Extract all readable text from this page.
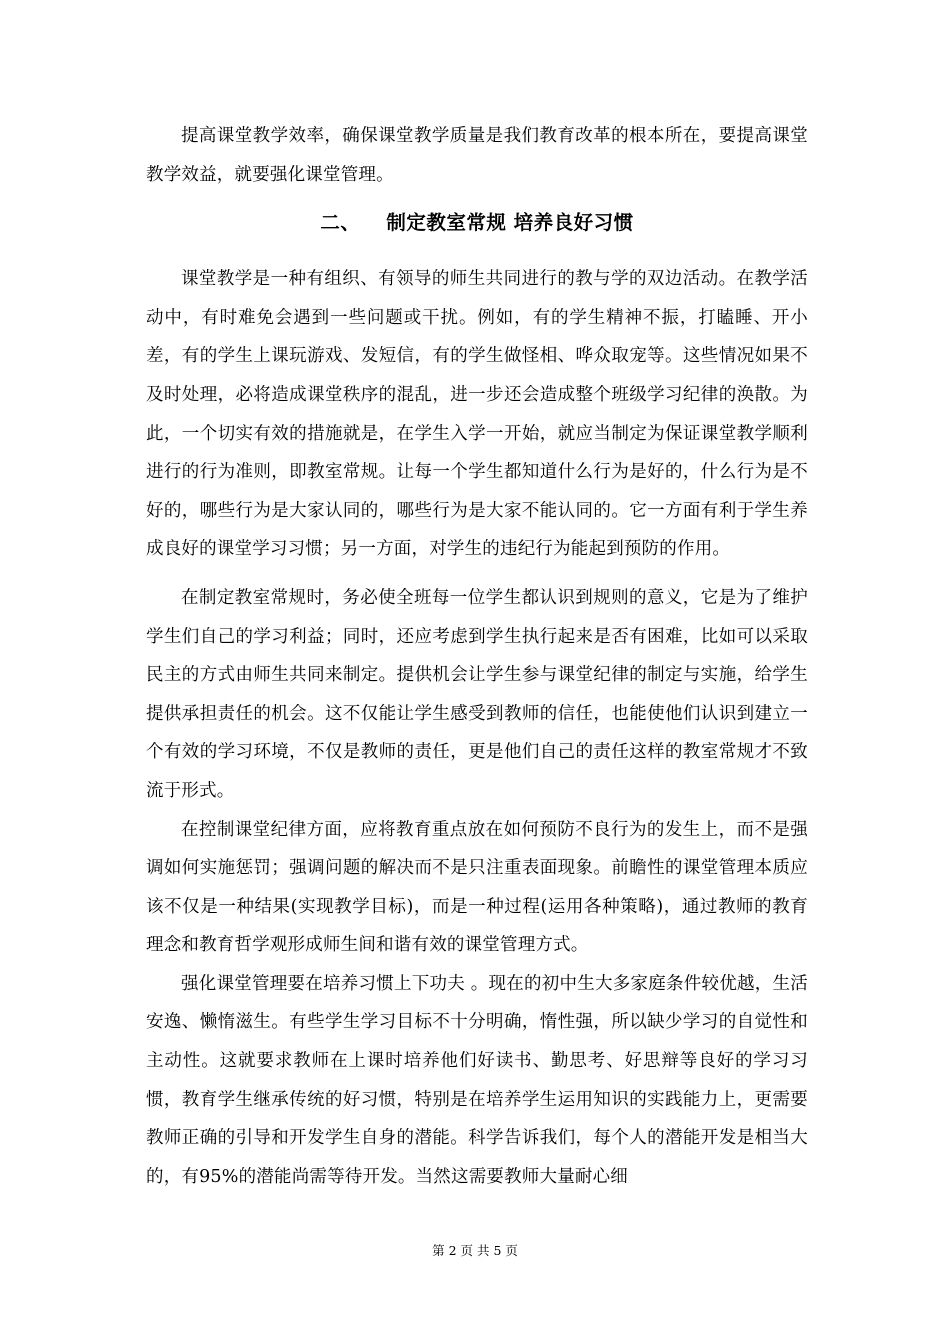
提高课堂教学效率，确保课堂教学质量是我们教育改革的根本所在，要提高课堂教学效益，就要强化课堂管理。

二、 制定教室常规 培养良好习惯

课堂教学是一种有组织、有领导的师生共同进行的教与学的双边活动。在教学活动中，有时难免会遇到一些问题或干扰。例如，有的学生精神不振，打瞌睡、开小差，有的学生上课玩游戏、发短信，有的学生做怪相、哗众取宠等。这些情况如果不及时处理，必将造成课堂秩序的混乱，进一步还会造成整个班级学习纪律的涣散。为此，一个切实有效的措施就是，在学生入学一开始，就应当制定为保证课堂教学顺利进行的行为准则，即教室常规。让每一个学生都知道什么行为是好的，什么行为是不好的，哪些行为是大家认同的，哪些行为是大家不能认同的。它一方面有利于学生养成良好的课堂学习习惯；另一方面，对学生的违纪行为能起到预防的作用。

在制定教室常规时，务必使全班每一位学生都认识到规则的意义，它是为了维护学生们自己的学习利益；同时，还应考虑到学生执行起来是否有困难，比如可以采取民主的方式由师生共同来制定。提供机会让学生参与课堂纪律的制定与实施，给学生提供承担责任的机会。这不仅能让学生感受到教师的信任，也能使他们认识到建立一个有效的学习环境，不仅是教师的责任，更是他们自己的责任这样的教室常规才不致流于形式。

在控制课堂纪律方面，应将教育重点放在如何预防不良行为的发生上，而不是强调如何实施惩罚；强调问题的解决而不是只注重表面现象。前瞻性的课堂管理本质应该不仅是一种结果(实现教学目标)，而是一种过程(运用各种策略)，通过教师的教育理念和教育哲学观形成师生间和谐有效的课堂管理方式。

强化课堂管理要在培养习惯上下功夫 。现在的初中生大多家庭条件较优越，生活安逸、懒惰滋生。有些学生学习目标不十分明确，惰性强，所以缺少学习的自觉性和主动性。这就要求教师在上课时培养他们好读书、勤思考、好思辩等良好的学习习惯，教育学生继承传统的好习惯，特别是在培养学生运用知识的实践能力上，更需要教师正确的引导和开发学生自身的潜能。科学告诉我们，每个人的潜能开发是相当大的，有95%的潜能尚需等待开发。当然这需要教师大量耐心细

第 2 页 共 5 页
